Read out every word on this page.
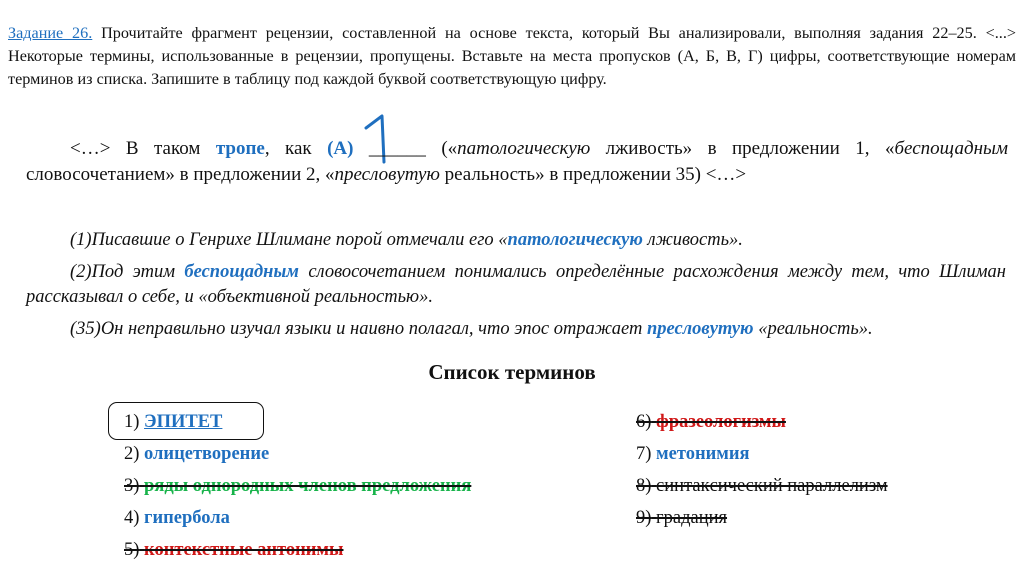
Задание 26. Прочитайте фрагмент рецензии, составленной на основе текста, который Вы анализировали, выполняя задания 22–25. <...> Некоторые термины, использованные в рецензии, пропущены. Вставьте на места пропусков (А, Б, В, Г) цифры, соответствующие номерам терминов из списка. Запишите в таблицу под каждой буквой соответствующую цифру.

<…> В таком тропе, как (А) ______ («патологическую лживость» в предложении 1, «беспощадным словосочетанием» в предложении 2, «пресловутую реальность» в предложении 35) <…>

(1)Писавшие о Генрихе Шлимане порой отмечали его «патологическую лживость».

(2)Под этим беспощадным словосочетанием понимались определённые расхождения между тем, что Шлиман рассказывал о себе, и «объективной реальностью».

(35)Он неправильно изучал языки и наивно полагал, что эпос отражает пресловутую «реальность».

Список терминов
1) ЭПИТЕТ
2) олицетворение
3) ряды однородных членов предложения
4) гипербола
5) контекстные антонимы
6) фразеологизмы
7) метонимия
8) синтакcический параллелизм
9) градация
